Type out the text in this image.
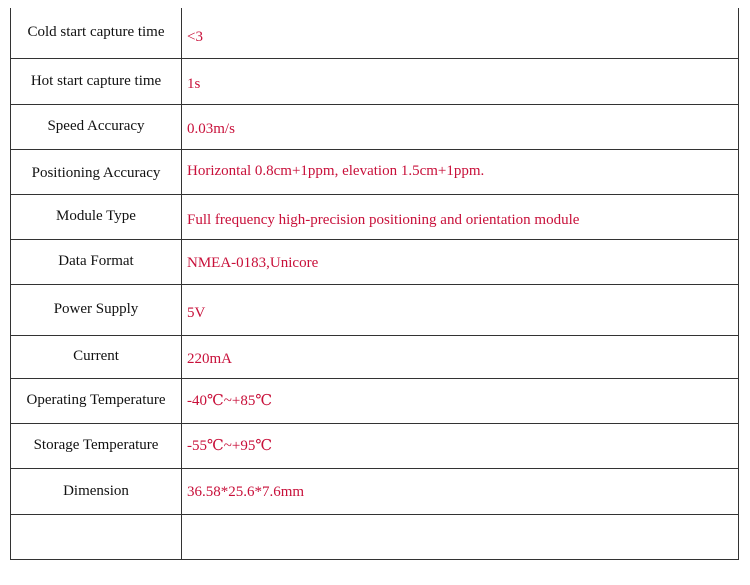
Cold start capture time	<3
Hot start capture time	1s
Speed Accuracy	0.03m/s
Positioning Accuracy	Horizontal 0.8cm+1ppm, elevation 1.5cm+1ppm.
Module Type	Full frequency high-precision positioning and orientation module
Data Format	NMEA-0183,Unicore
Power Supply	5V
Current	220mA
Operating Temperature	-40℃~+85℃
Storage Temperature	-55℃~+95℃
Dimension	36.58*25.6*7.6mm
